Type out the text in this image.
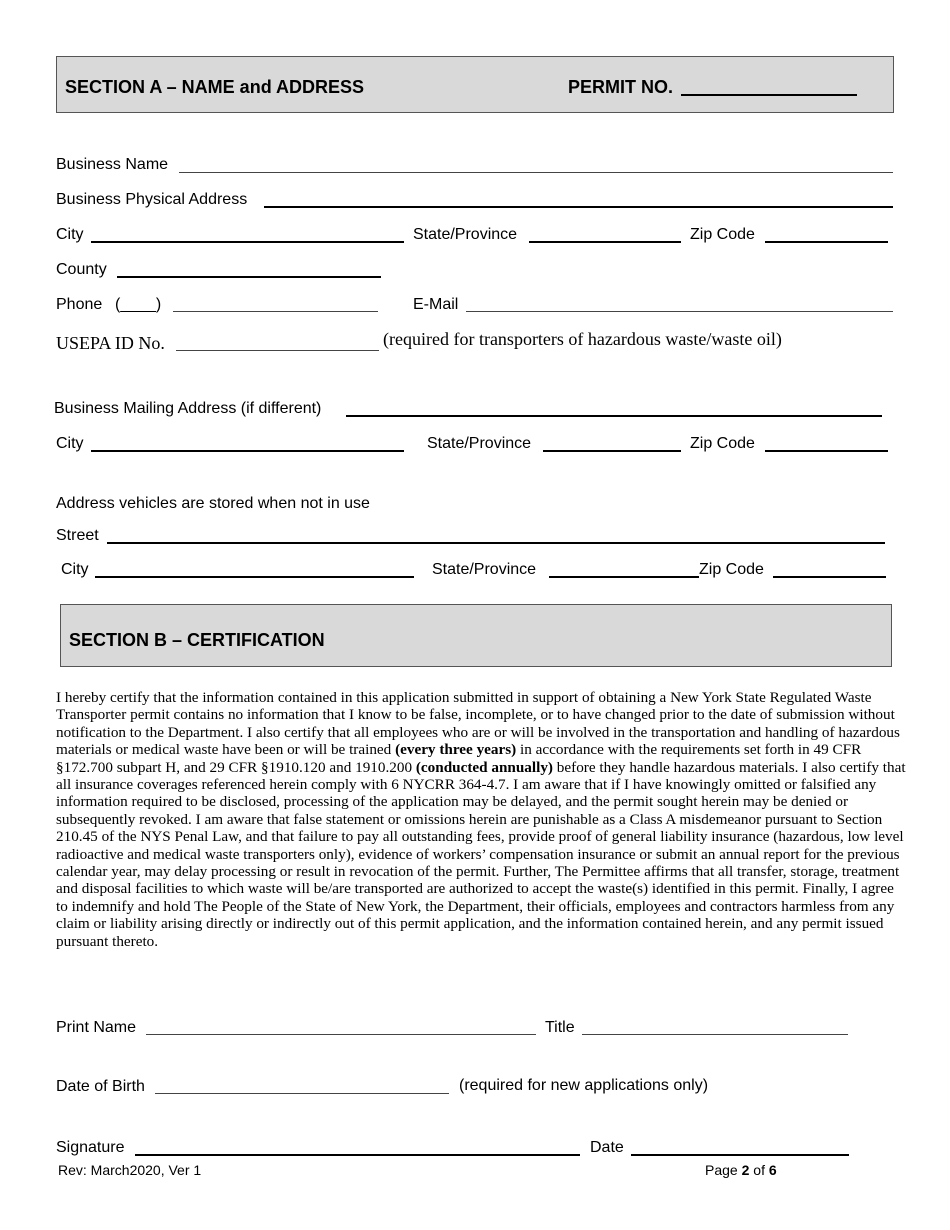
SECTION A – NAME and ADDRESS	PERMIT NO.
Business Name
Business Physical Address
City	State/Province	Zip Code
County
Phone (____)	E-Mail
USEPA ID No.	(required for transporters of hazardous waste/waste oil)
Business Mailing Address (if different)
City	State/Province	Zip Code
Address vehicles are stored when not in use
Street
City	State/Province	Zip Code
SECTION B – CERTIFICATION
I hereby certify that the information contained in this application submitted in support of obtaining a New York State Regulated Waste Transporter permit contains no information that I know to be false, incomplete, or to have changed prior to the date of submission without notification to the Department. I also certify that all employees who are or will be involved in the transportation and handling of hazardous materials or medical waste have been or will be trained (every three years) in accordance with the requirements set forth in 49 CFR §172.700 subpart H, and 29 CFR §1910.120 and 1910.200 (conducted annually) before they handle hazardous materials. I also certify that all insurance coverages referenced herein comply with 6 NYCRR 364-4.7. I am aware that if I have knowingly omitted or falsified any information required to be disclosed, processing of the application may be delayed, and the permit sought herein may be denied or subsequently revoked. I am aware that false statement or omissions herein are punishable as a Class A misdemeanor pursuant to Section 210.45 of the NYS Penal Law, and that failure to pay all outstanding fees, provide proof of general liability insurance (hazardous, low level radioactive and medical waste transporters only), evidence of workers’ compensation insurance or submit an annual report for the previous calendar year, may delay processing or result in revocation of the permit. Further, The Permittee affirms that all transfer, storage, treatment and disposal facilities to which waste will be/are transported are authorized to accept the waste(s) identified in this permit. Finally, I agree to indemnify and hold The People of the State of New York, the Department, their officials, employees and contractors harmless from any claim or liability arising directly or indirectly out of this permit application, and the information contained herein, and any permit issued pursuant thereto.
Print Name	Title
Date of Birth	(required for new applications only)
Signature	Date
Rev: March2020, Ver 1	Page 2 of 6
